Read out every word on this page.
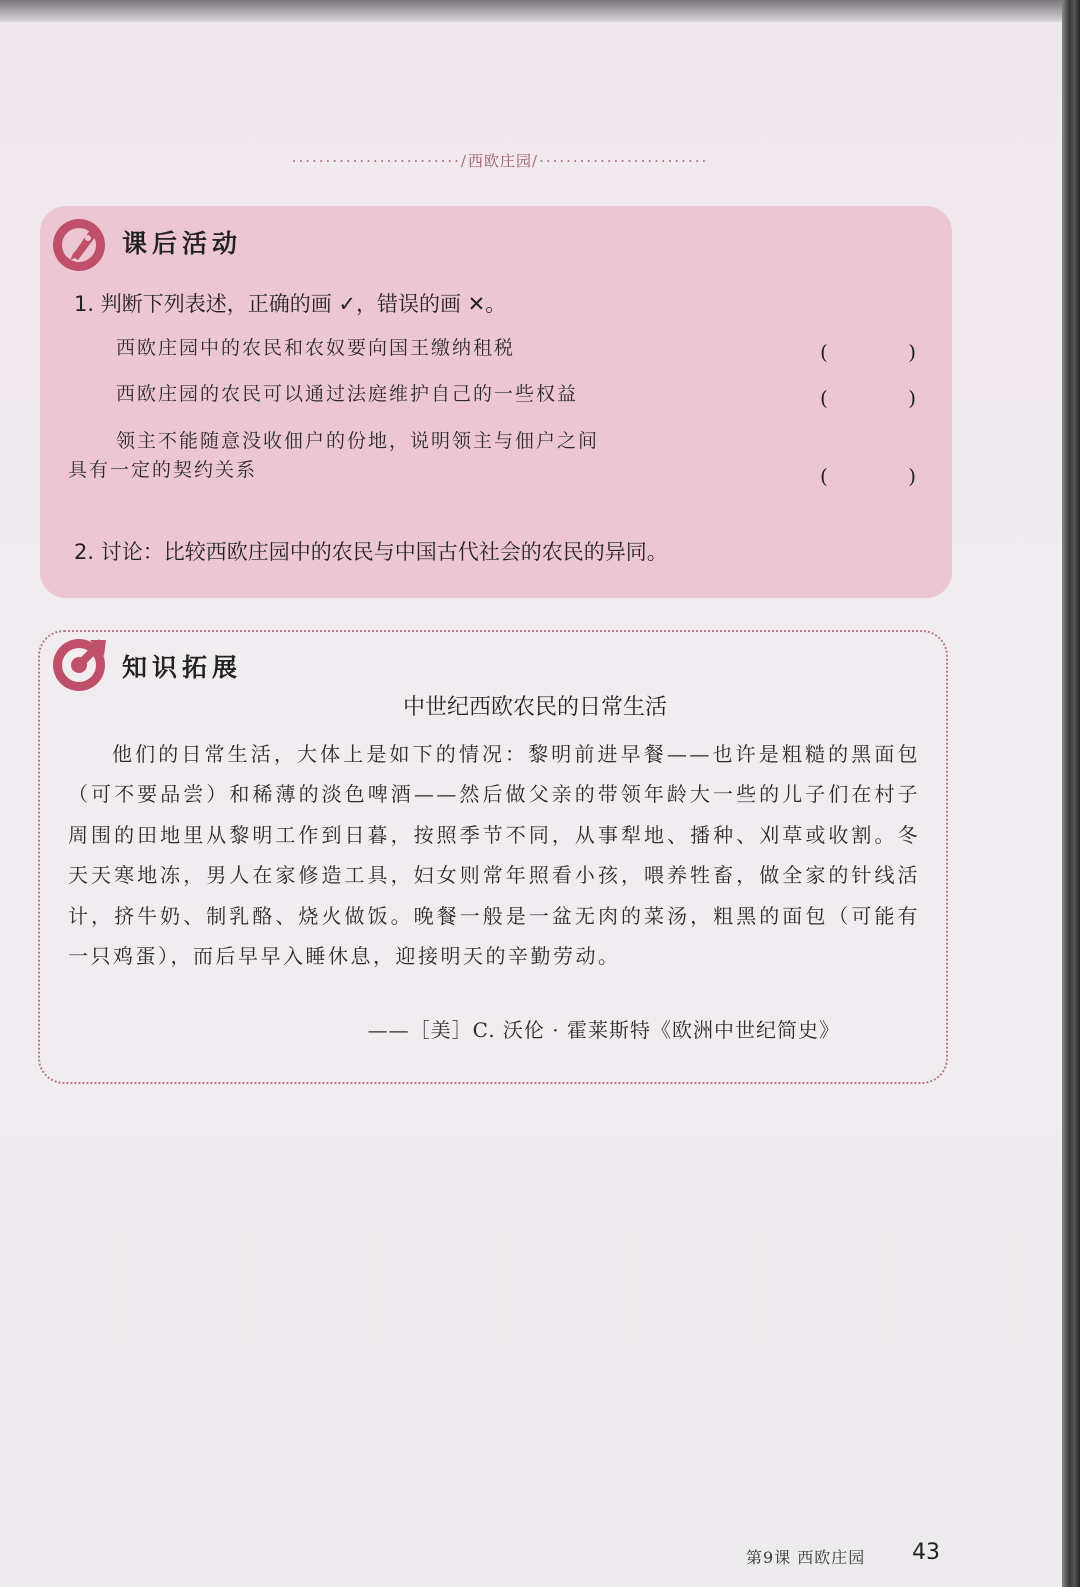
·························/西欧庄园/·························
课后活动
1. 判断下列表述，正确的画 ✓，错误的画 ✕。
西欧庄园中的农民和农奴要向国王缴纳租税	(	)
西欧庄园的农民可以通过法庭维护自己的一些权益	(	)
领主不能随意没收佃户的份地，说明领主与佃户之间
具有一定的契约关系	(	)
2. 讨论：比较西欧庄园中的农民与中国古代社会的农民的异同。
知识拓展
中世纪西欧农民的日常生活
他们的日常生活，大体上是如下的情况：黎明前进早餐——也许是粗糙的黑面包（可不要品尝）和稀薄的淡色啤酒——然后做父亲的带领年龄大一些的儿子们在村子周围的田地里从黎明工作到日暮，按照季节不同，从事犁地、播种、刈草或收割。冬天天寒地冻，男人在家修造工具，妇女则常年照看小孩，喂养牲畜，做全家的针线活计，挤牛奶、制乳酪、烧火做饭。晚餐一般是一盆无肉的菜汤，粗黑的面包（可能有一只鸡蛋），而后早早入睡休息，迎接明天的辛勤劳动。
——［美］C. 沃伦 · 霍莱斯特《欧洲中世纪简史》
第9课 西欧庄园 43
